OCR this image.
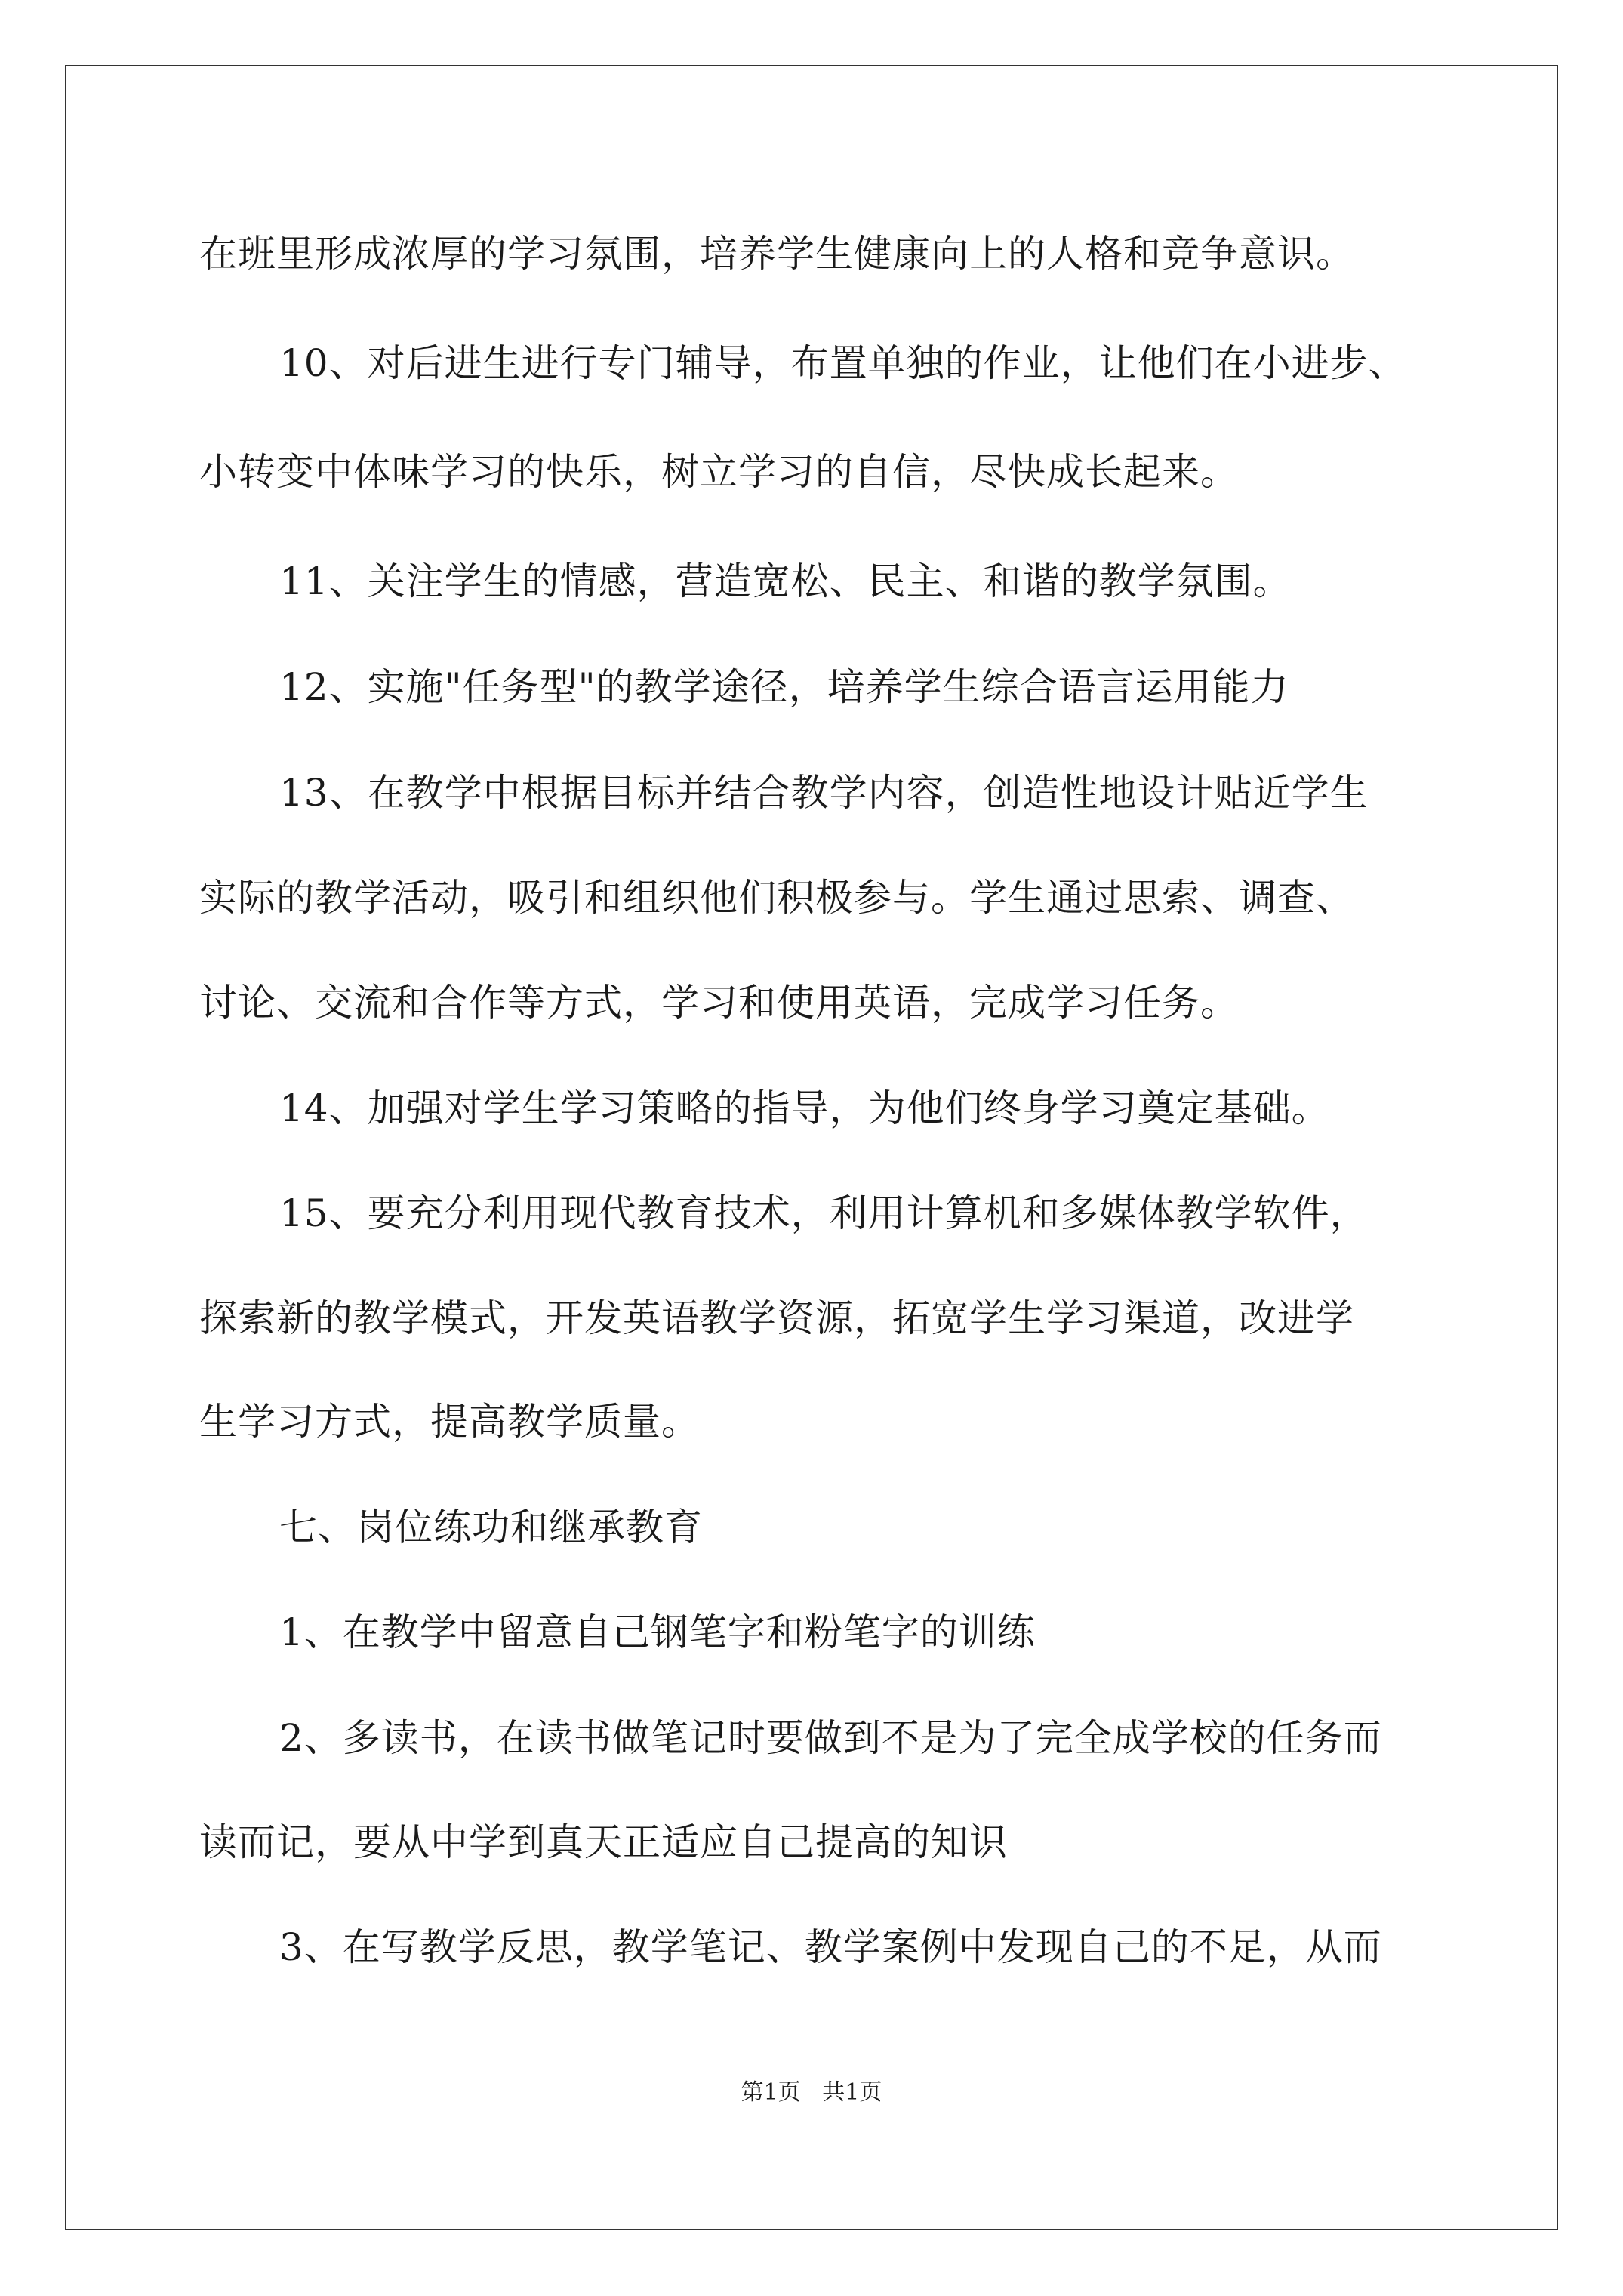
在班里形成浓厚的学习氛围，培养学生健康向上的人格和竞争意识。
10、对后进生进行专门辅导，布置单独的作业，让他们在小进步、
小转变中体味学习的快乐，树立学习的自信，尽快成长起来。
11、关注学生的情感，营造宽松、民主、和谐的教学氛围。
12、实施"任务型"的教学途径，培养学生综合语言运用能力
13、在教学中根据目标并结合教学内容，创造性地设计贴近学生
实际的教学活动，吸引和组织他们积极参与。学生通过思索、调查、
讨论、交流和合作等方式，学习和使用英语，完成学习任务。
14、加强对学生学习策略的指导，为他们终身学习奠定基础。
15、要充分利用现代教育技术，利用计算机和多媒体教学软件，
探索新的教学模式，开发英语教学资源，拓宽学生学习渠道，改进学
生学习方式，提高教学质量。
七、岗位练功和继承教育
1、在教学中留意自己钢笔字和粉笔字的训练
2、多读书，在读书做笔记时要做到不是为了完全成学校的任务而
读而记，要从中学到真天正适应自己提高的知识
3、在写教学反思，教学笔记、教学案例中发现自己的不足，从而
第1页   共1页
